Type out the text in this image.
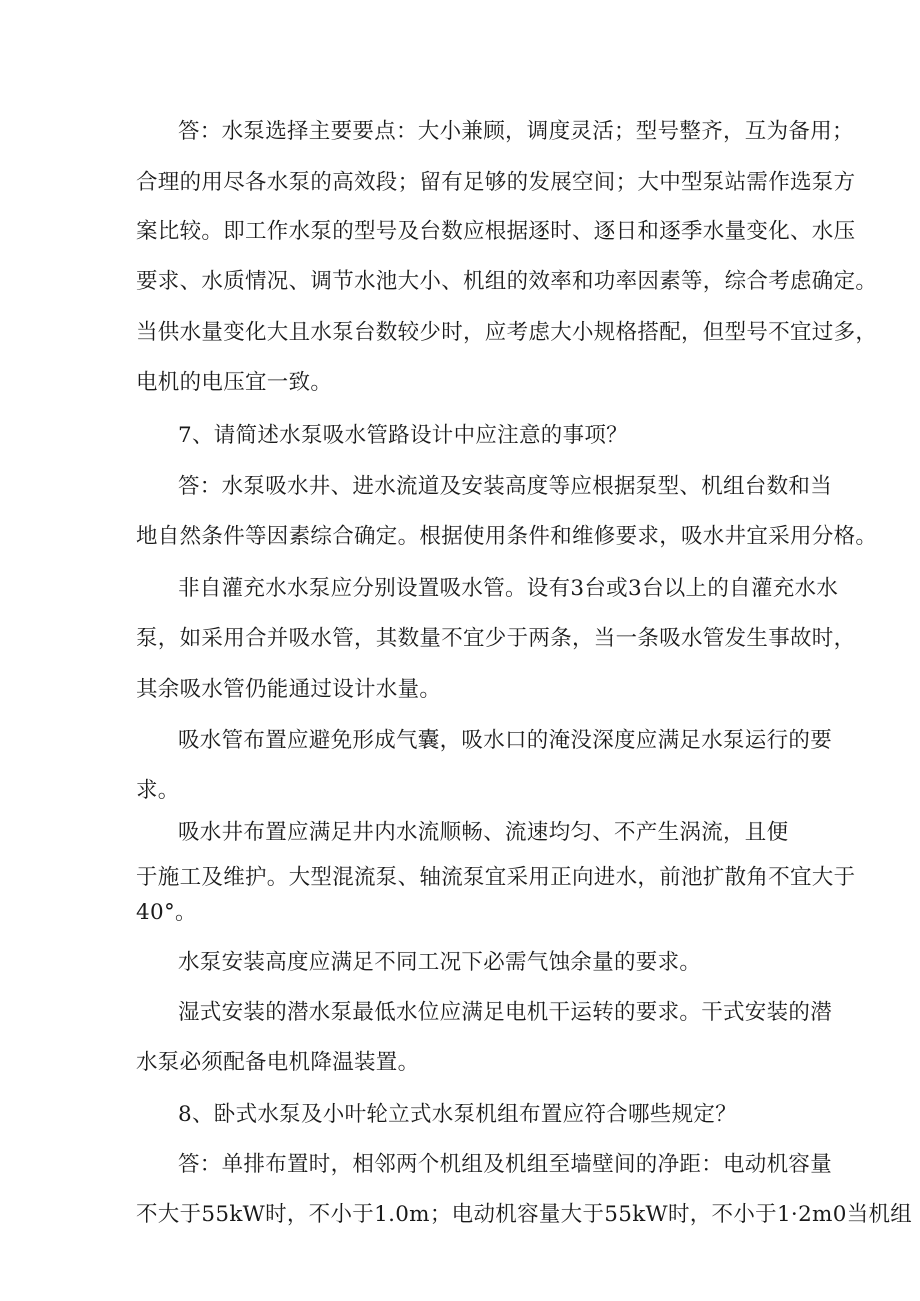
答：水泵选择主要要点：大小兼顾，调度灵活；型号整齐，互为备用；
合理的用尽各水泵的高效段；留有足够的发展空间；大中型泵站需作选泵方
案比较。即工作水泵的型号及台数应根据逐时、逐日和逐季水量变化、水压
要求、水质情况、调节水池大小、机组的效率和功率因素等，综合考虑确定。
当供水量变化大且水泵台数较少时，应考虑大小规格搭配，但型号不宜过多，
电机的电压宜一致。
7、请简述水泵吸水管路设计中应注意的事项？
答：水泵吸水井、进水流道及安装高度等应根据泵型、机组台数和当
地自然条件等因素综合确定。根据使用条件和维修要求，吸水井宜采用分格。
非自灌充水水泵应分别设置吸水管。设有3台或3台以上的自灌充水水
泵，如采用合并吸水管，其数量不宜少于两条，当一条吸水管发生事故时，
其余吸水管仍能通过设计水量。
吸水管布置应避免形成气囊，吸水口的淹没深度应满足水泵运行的要
求。
吸水井布置应满足井内水流顺畅、流速均匀、不产生涡流，且便
于施工及维护。大型混流泵、轴流泵宜采用正向进水，前池扩散角不宜大于
40°。
水泵安装高度应满足不同工况下必需气蚀余量的要求。
湿式安装的潜水泵最低水位应满足电机干运转的要求。干式安装的潜
水泵必须配备电机降温装置。
8、卧式水泵及小叶轮立式水泵机组布置应符合哪些规定？
答：单排布置时，相邻两个机组及机组至墙壁间的净距：电动机容量
不大于55kW时，不小于1.0m；电动机容量大于55kW时，不小于1·2m0当机组
